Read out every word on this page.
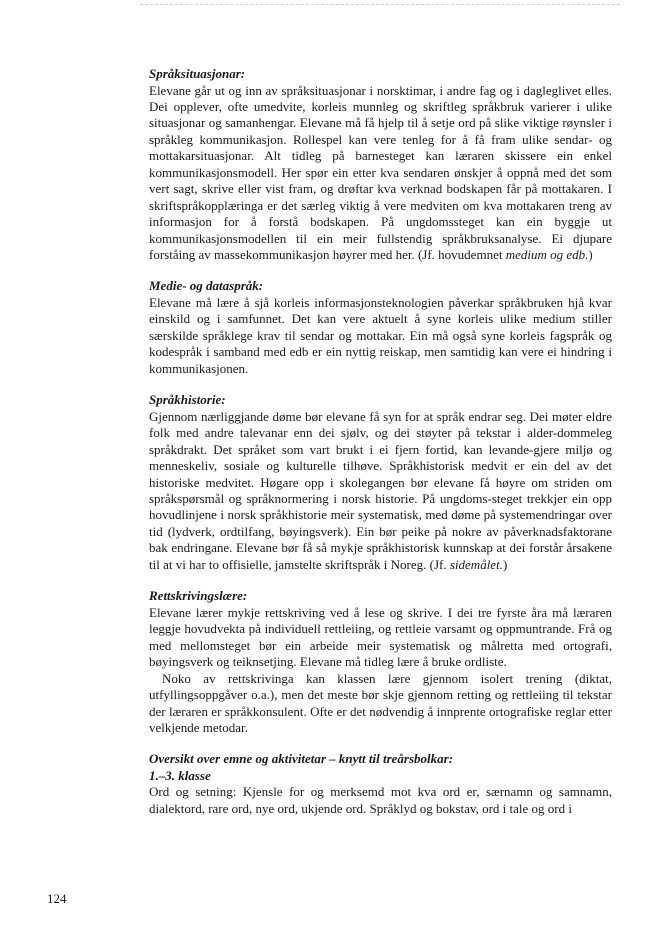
Språksituasjonar:

Elevane går ut og inn av språksituasjonar i norsktimar, i andre fag og i dagleglivet elles. Dei opplever, ofte umedvite, korleis munnleg og skriftleg språkbruk varierer i ulike situasjonar og samanhengar. Elevane må få hjelp til å setje ord på slike viktige røynsler i språkleg kommunikasjon. Rollespel kan vere tenleg for å få fram ulike sendar- og mottakarsituasjonar. Alt tidleg på barnesteget kan læraren skissere ein enkel kommunikasjonsmodell. Her spør ein etter kva sendaren ønskjer å oppnå med det som vert sagt, skrive eller vist fram, og drøftar kva verknad bodskapen får på mottakaren. I skriftspråkopplæringa er det særleg viktig å vere medviten om kva mottakaren treng av informasjon for å forstå bodskapen. På ungdomssteget kan ein byggje ut kommunikasjonsmodellen til ein meir fullstendig språkbruksanalyse. Ei djupare forståing av massekommunikasjon høyrer med her. (Jf. hovudemnet medium og edb.)

Medie- og dataspråk:

Elevane må lære å sjå korleis informasjonsteknologien påverkar språkbruken hjå kvar einskild og i samfunnet. Det kan vere aktuelt å syne korleis ulike medium stiller særskilde språklege krav til sendar og mottakar. Ein må også syne korleis fagspråk og kodespråk i samband med edb er ein nyttig reiskap, men samtidig kan vere ei hindring i kommunikasjonen.

Språkhistorie:

Gjennom nærliggjande døme bør elevane få syn for at språk endrar seg. Dei møter eldre folk med andre talevanar enn dei sjølv, og dei støyter på tekstar i alder-dommeleg språkdrakt. Det språket som vart brukt i ei fjern fortid, kan levande-gjere miljø og menneskeliv, sosiale og kulturelle tilhøve. Språkhistorisk medvit er ein del av det historiske medvitet. Høgare opp i skolegangen bør elevane få høyre om striden om språkspørsmål og språknormering i norsk historie. På ungdoms-steget trekkjer ein opp hovudlinjene i norsk språkhistorie meir systematisk, med døme på systemendringar over tid (lydverk, ordtilfang, bøyingsverk). Ein bør peike på nokre av påverknadsfaktorane bak endringane. Elevane bør få så mykje språkhistorisk kunnskap at dei forstår årsakene til at vi har to offisielle, jamstelte skriftspråk i Noreg. (Jf. sidemålet.)

Rettskrivingslære:

Elevane lærer mykje rettskriving ved å lese og skrive. I dei tre fyrste åra må læraren leggje hovudvekta på individuell rettleiing, og rettleie varsamt og oppmuntrande. Frå og med mellomsteget bør ein arbeide meir systematisk og målretta med ortografi, bøyingsverk og teiknsetjing. Elevane må tidleg lære å bruke ordliste.

Noko av rettskrivinga kan klassen lære gjennom isolert trening (diktat, utfyllingsoppgåver o.a.), men det meste bør skje gjennom retting og rettleiing til tekstar der læraren er språkkonsulent. Ofte er det nødvendig å innprente ortografiske reglar etter velkjende metodar.

Oversikt over emne og aktivitetar – knytt til treårsbolkar:

1.–3. klasse

Ord og setning: Kjensle for og merksemd mot kva ord er, særnamn og samnamn, dialektord, rare ord, nye ord, ukjende ord. Språklyd og bokstav, ord i tale og ord i

124
